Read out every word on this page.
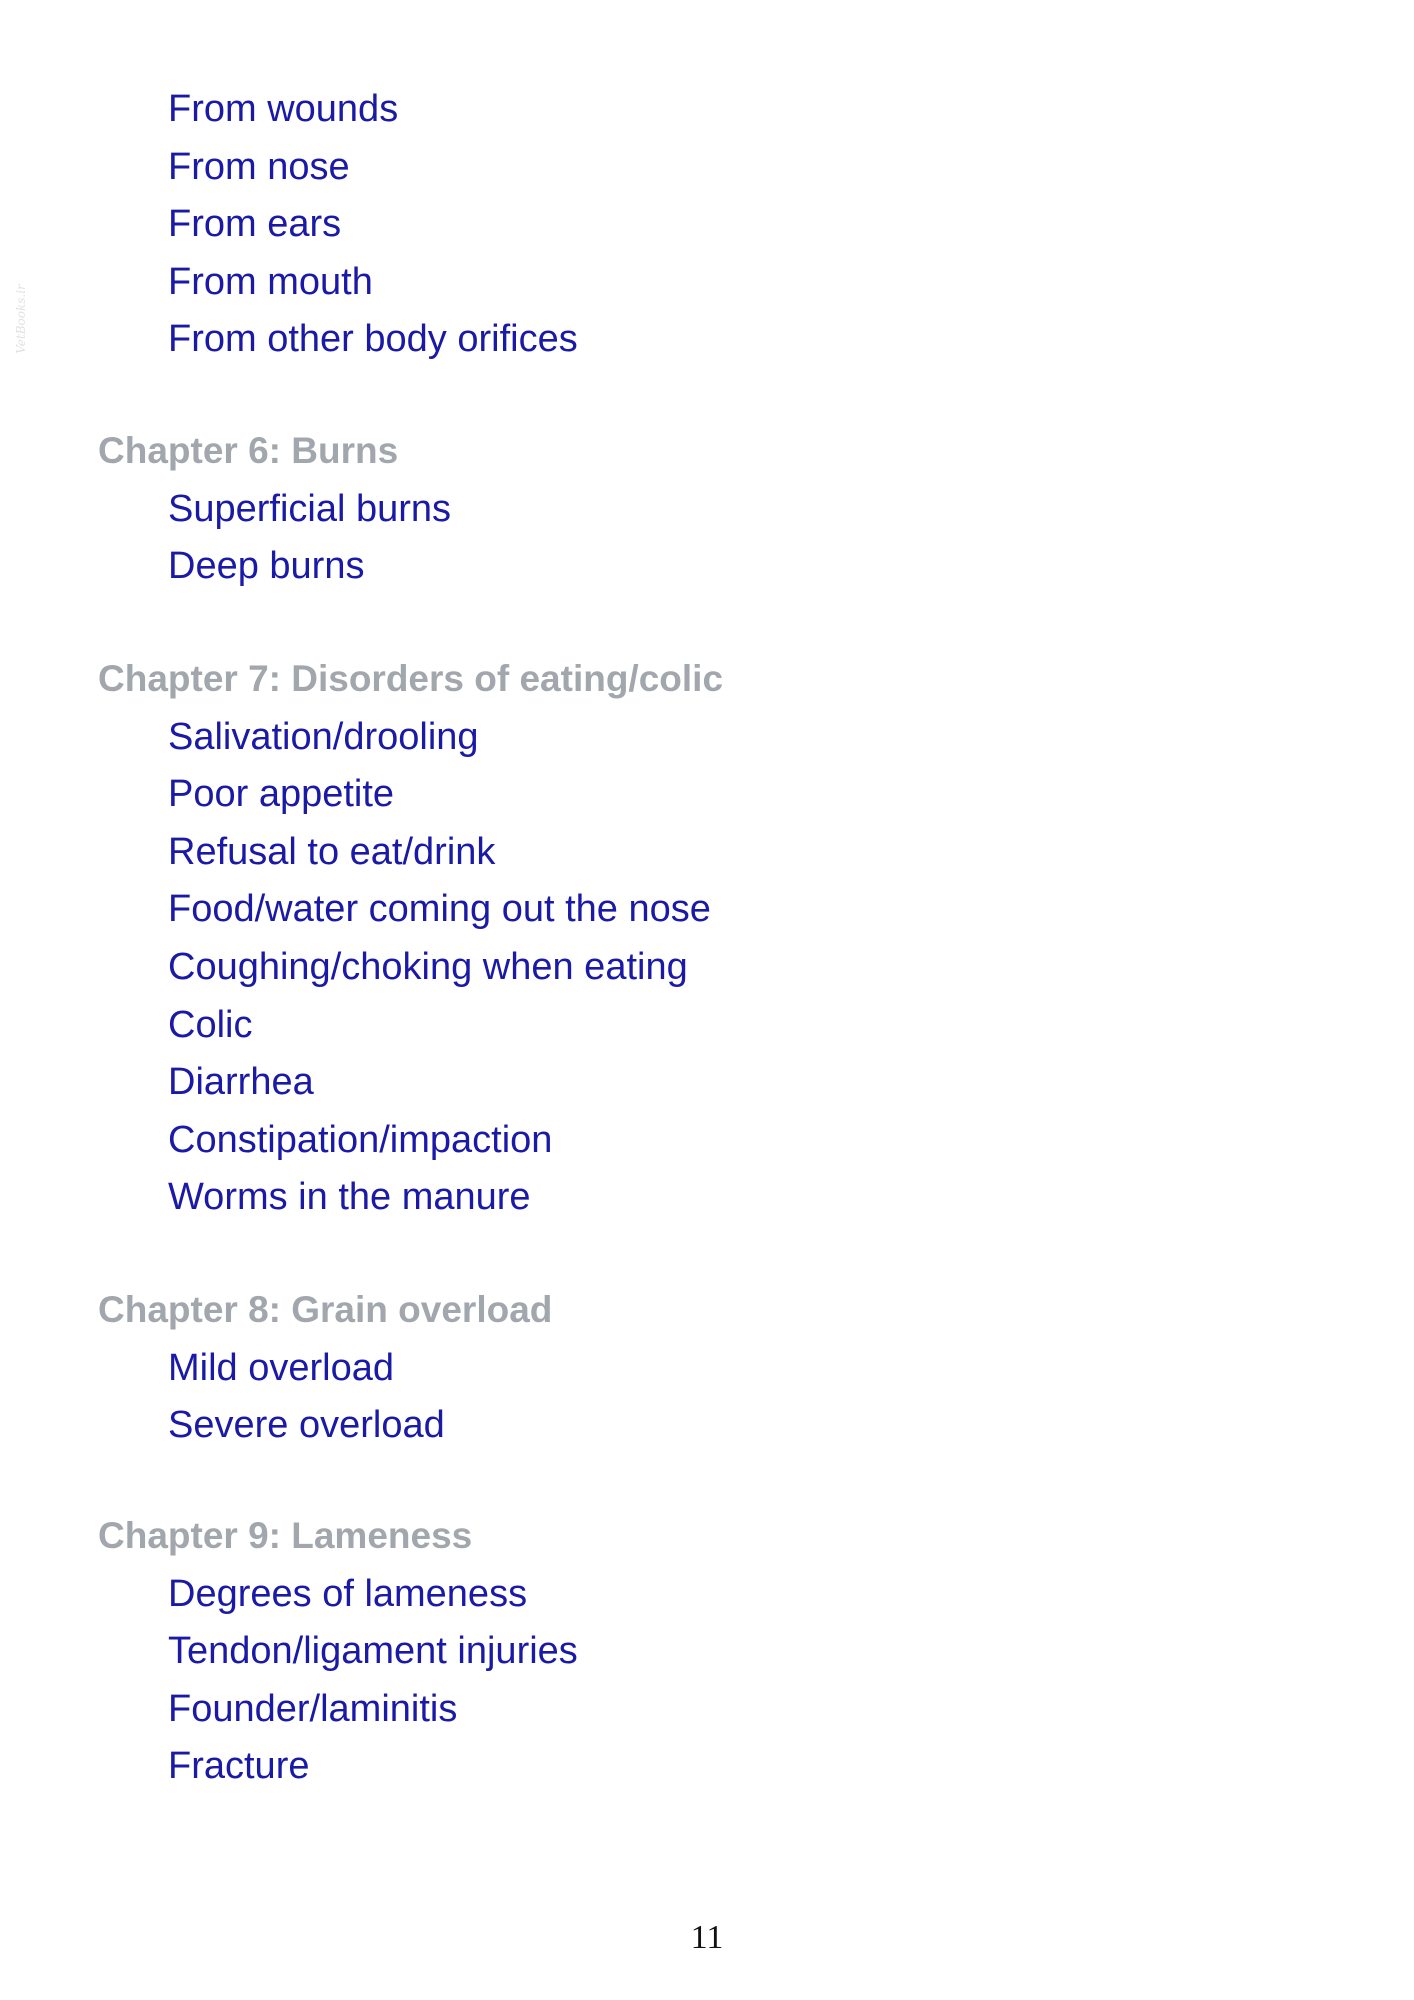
VetBooks.ir
From wounds
From nose
From ears
From mouth
From other body orifices
Chapter 6: Burns
Superficial burns
Deep burns
Chapter 7: Disorders of eating/colic
Salivation/drooling
Poor appetite
Refusal to eat/drink
Food/water coming out the nose
Coughing/choking when eating
Colic
Diarrhea
Constipation/impaction
Worms in the manure
Chapter 8: Grain overload
Mild overload
Severe overload
Chapter 9: Lameness
Degrees of lameness
Tendon/ligament injuries
Founder/laminitis
Fracture
11
